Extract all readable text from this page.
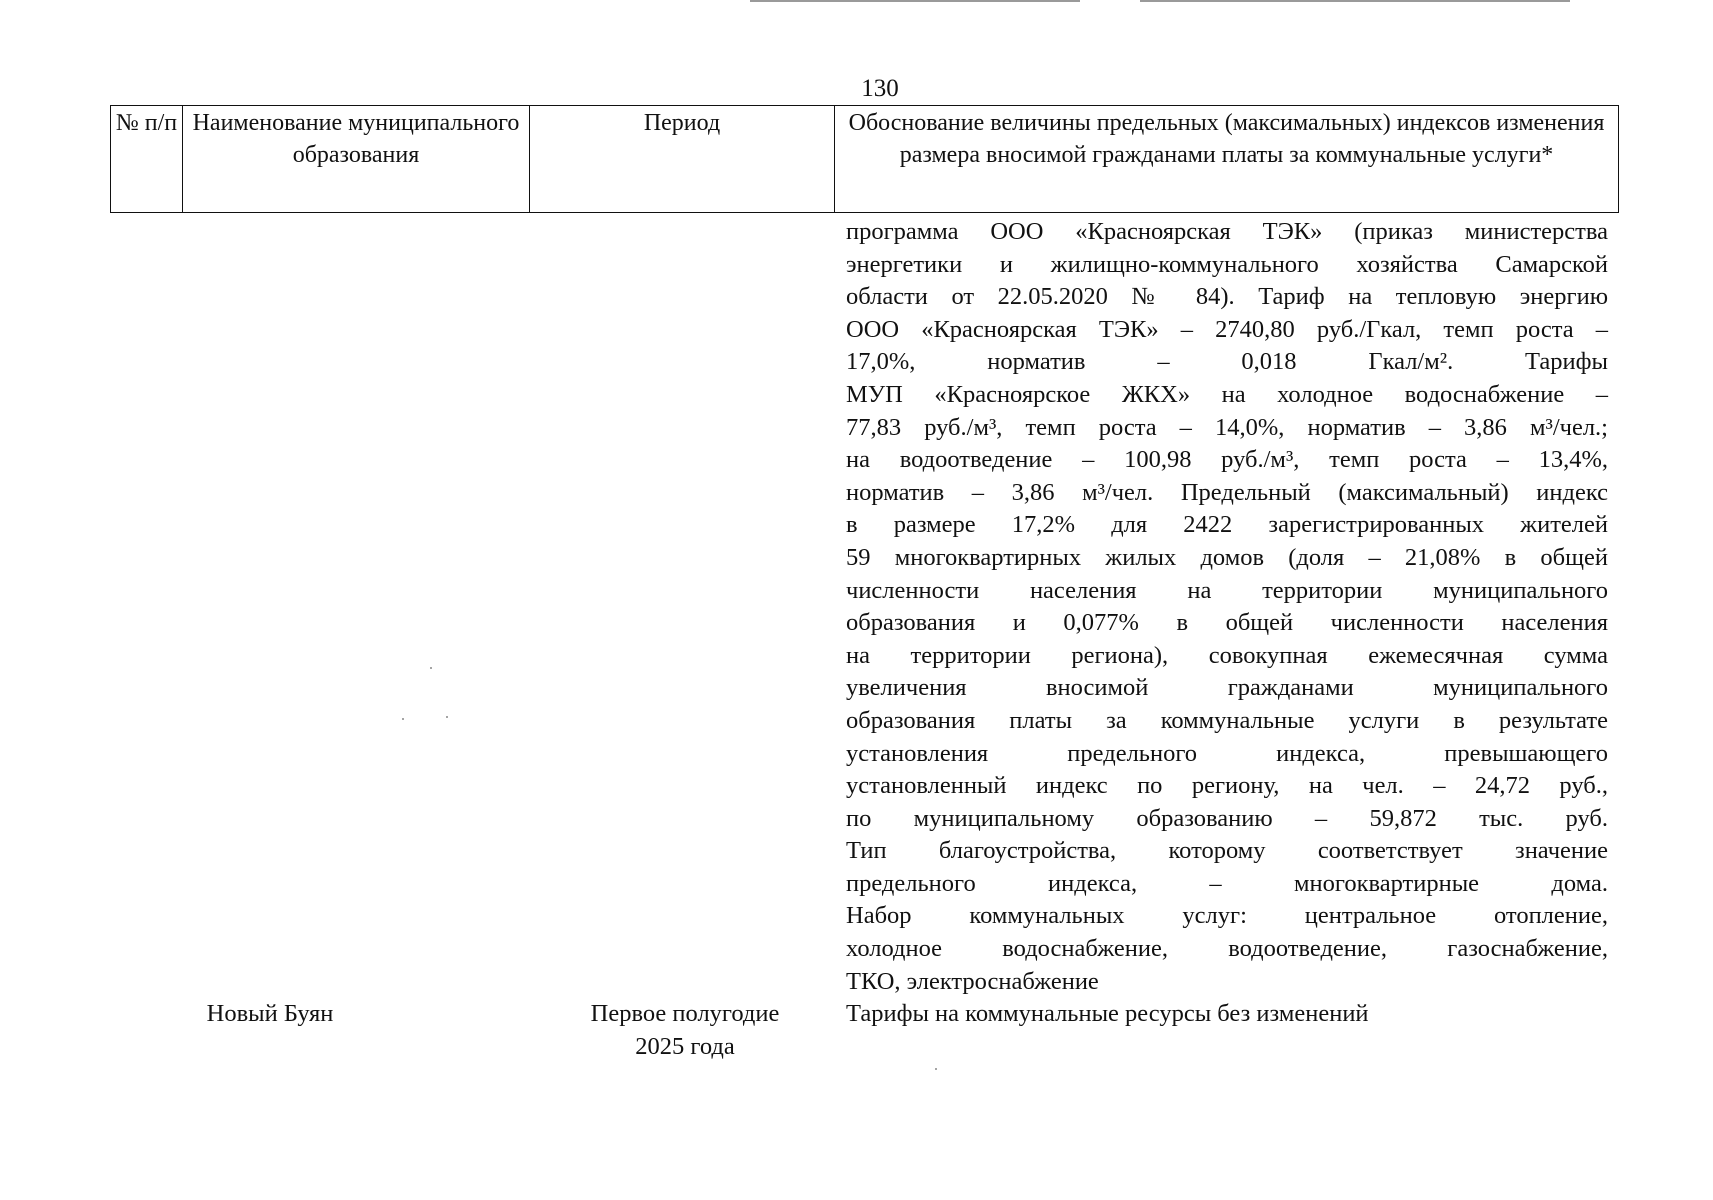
130
№ п/п Наименование муниципального образования
Период	Обоснование величины предельных (максимальных) индексов изменения размера вносимой гражданами платы за коммунальные услуги*
программа ООО «Красноярская ТЭК» (приказ министерства
энергетики и жилищно-коммунального хозяйства Самарской
области от 22.05.2020 № 84). Тариф на тепловую энергию
ООО «Красноярская ТЭК» – 2740,80 руб./Гкал, темп роста –
17,0%, норматив – 0,018 Гкал/м². Тарифы
МУП «Красноярское ЖКХ» на холодное водоснабжение –
77,83 руб./м³, темп роста – 14,0%, норматив – 3,86 м³/чел.;
на водоотведение – 100,98 руб./м³, темп роста – 13,4%,
норматив – 3,86 м³/чел. Предельный (максимальный) индекс
в размере 17,2% для 2422 зарегистрированных жителей
59 многоквартирных жилых домов (доля – 21,08% в общей
численности населения на территории муниципального
образования и 0,077% в общей численности населения
на территории региона), совокупная ежемесячная сумма
увеличения вносимой гражданами муниципального
образования платы за коммунальные услуги в результате
установления предельного индекса, превышающего
установленный индекс по региону, на чел. – 24,72 руб.,
по муниципальному образованию – 59,872 тыс. руб.
Тип благоустройства, которому соответствует значение
предельного индекса, – многоквартирные дома.
Набор коммунальных услуг: центральное отопление,
холодное водоснабжение, водоотведение, газоснабжение,
ТКО, электроснабжение
Новый Буян	Первое полугодие
2025 года
Тарифы на коммунальные ресурсы без изменений
